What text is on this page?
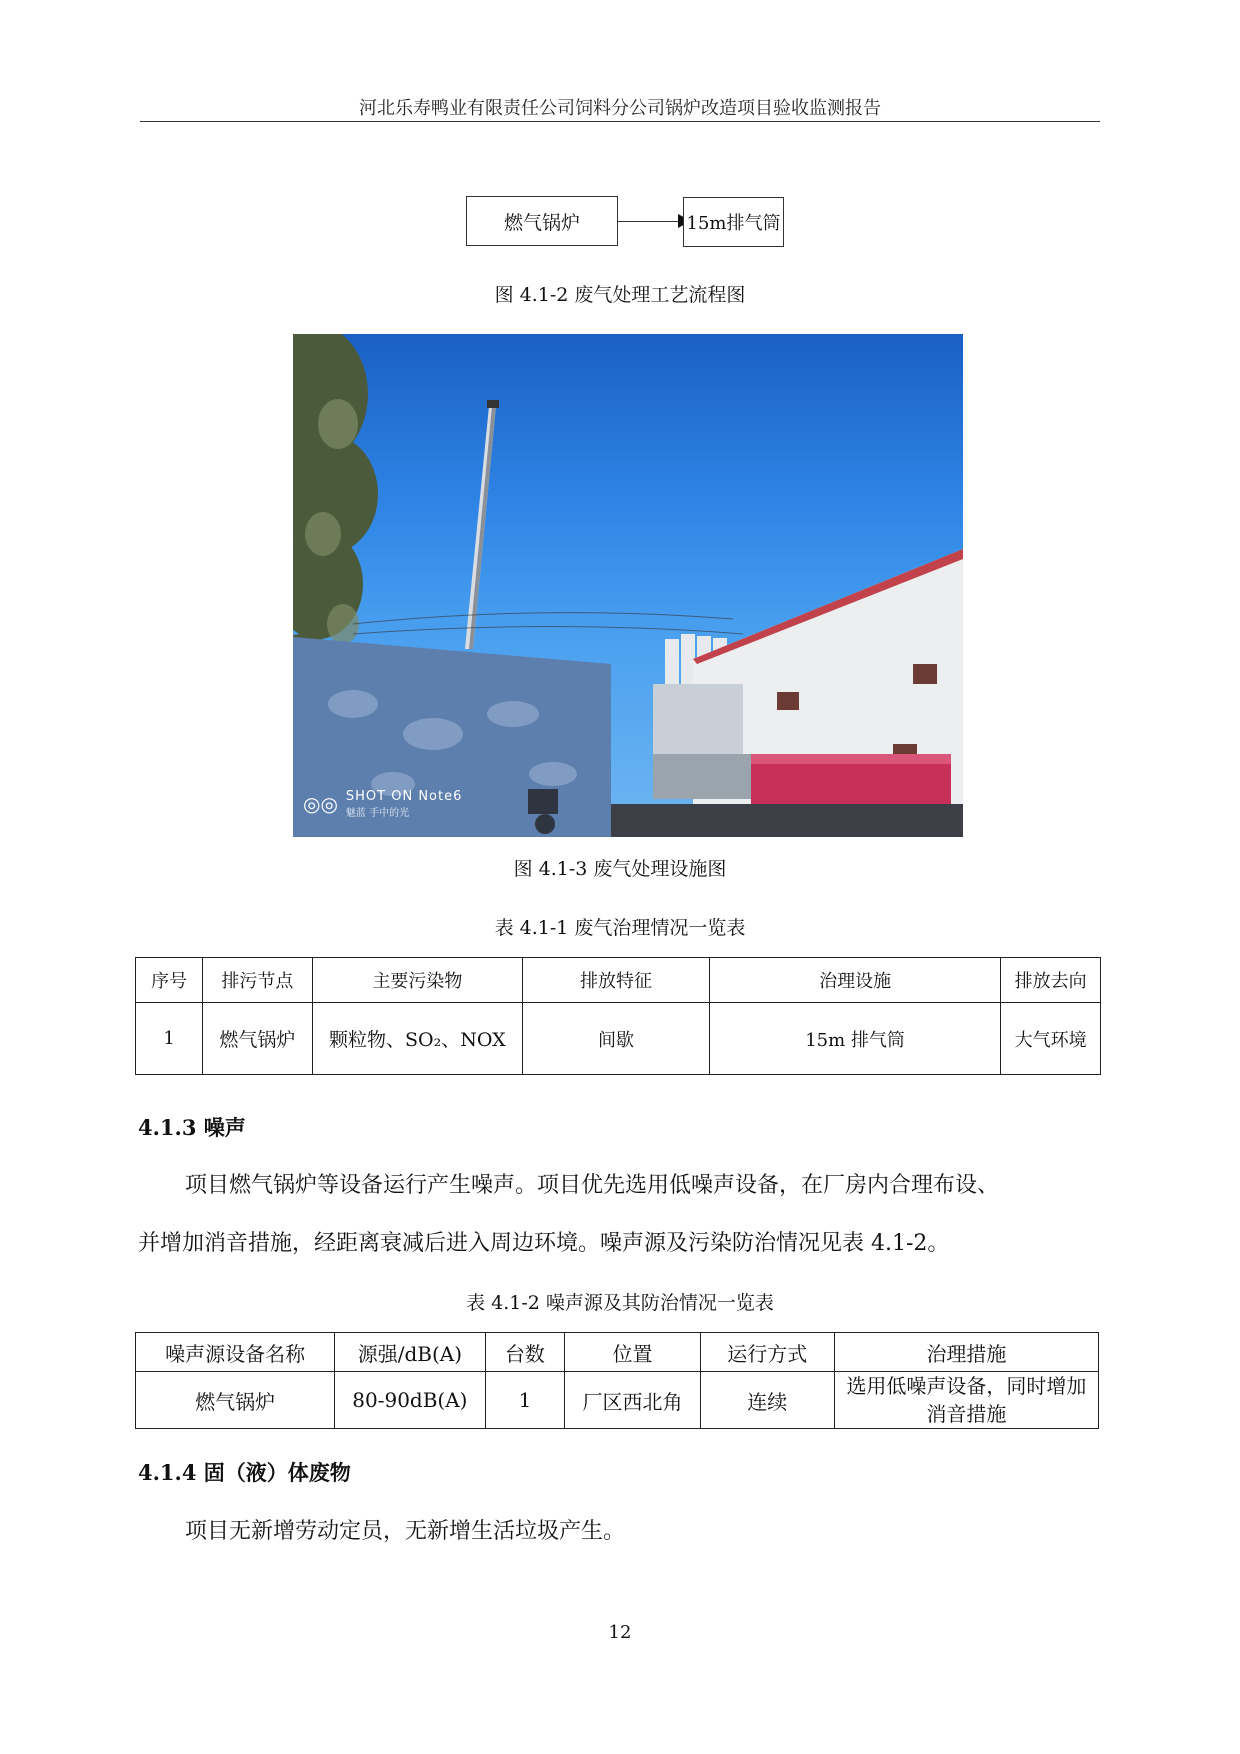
河北乐寿鸭业有限责任公司饲料分公司锅炉改造项目验收监测报告
燃气锅炉	15m排气筒
图 4.1-2 废气处理工艺流程图
◎◎ SHOT ON Note6
魅蓝 手中的光
图 4.1-3 废气处理设施图
表 4.1-1 废气治理情况一览表
序号	排污节点	主要污染物	排放特征	治理设施	排放去向
1	燃气锅炉	颗粒物、SO₂、NOX	间歇	15m 排气筒	大气环境
4.1.3 噪声
项目燃气锅炉等设备运行产生噪声。项目优先选用低噪声设备，在厂房内合理布设、
并增加消音措施，经距离衰减后进入周边环境。噪声源及污染防治情况见表 4.1-2。
表 4.1-2 噪声源及其防治情况一览表
噪声源设备名称	源强/dB(A)	台数	位置	运行方式	治理措施
燃气锅炉	80-90dB(A)	1	厂区西北角	连续	选用低噪声设备，同时增加消音措施
4.1.4 固（液）体废物
项目无新增劳动定员，无新增生活垃圾产生。
12
